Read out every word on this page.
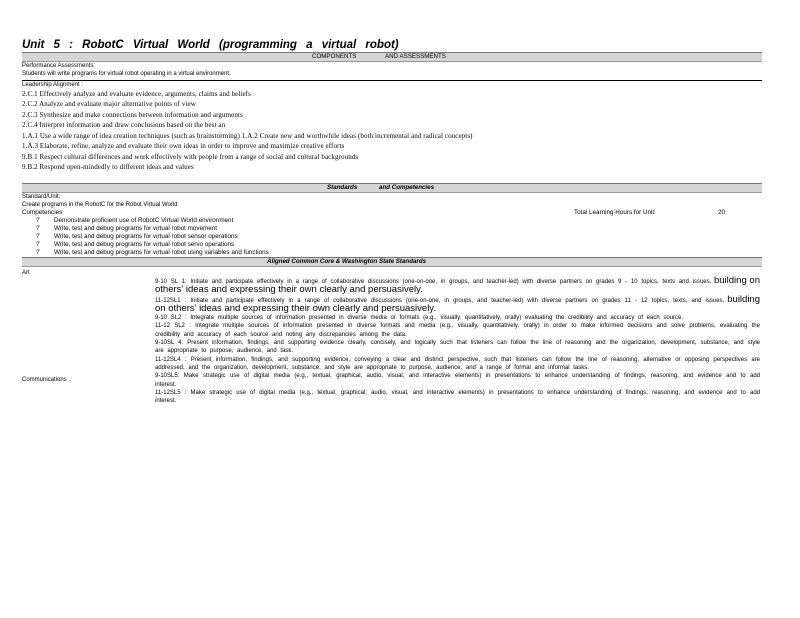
Unit 5 : RobotC Virtual World (programming a virtual robot)
COMPONENTS	AND ASSESSMENTS
Performance Assessments:
Students will write programs for virtual robot operating in a virtual environment.
Leadership Alignment :
2.C.1 Effectively analyze and evaluate evidence, arguments, claims and beliefs
2.C.2 Analyze and evaluate major alternative points of view
2.C.3 Synthesize and make connections between information and arguments
2.C.4 Interpret information and draw conclusions based on the best an
1.A.1 Use a wide range of idea creation techniques (such as brainstorming) 1.A.2 Create new and worthwhile ideas (both incremental and radical concepts)
1.A.3 Elaborate, refine, analyze and evaluate their own ideas in order to improve and maximize creative efforts
9.B.1 Respect cultural differences and work effectively with people from a range of social and cultural backgrounds
9.B.2 Respond open-mindedly to different ideas and values
Standards	and Competencies
Standard/Unit:
Create programs in the RobotC for the Robot Virtual World
Competencies	Total Learning Hours for Unit:	20
? Demonstrate proficient use of RobotC Virtual World environment
? Write, test and debug programs for virtual robot movement
? Write, test and debug programs for virtual robot sensor operations
? Write, test and debug programs for virtual robot servo operations
? Write, test and debug programs for virtual robot using variables and functions
Aligned Common Core & Washington State Standards
Art
Communications
9-10 SL 1: Initiate and participate effectively in a range of collaborative discussions (one-on-one, in groups, and teacher-led) with diverse partners on grades 9 - 10 topics, texts and issues, building on others' ideas and expressing their own clearly and persuasively.
11-12SL1 : Initiate and participate effectively in a range of collaborative discussions (one-on-one, in groups, and teacher-led) with diverse partners on grades 11 - 12 topics, texts, and issues, building on others' ideas and expressing their own clearly and persuasively.
9-10 SL2 : Integrate multiple sources of information presented in diverse media or formats (e.g., visually, quantitatively, orally) evaluating the credibility and accuracy of each source.
11-12 SL2 : Integrate multiple sources of information presented in diverse formats and media (e.g., visually, quantitatively, orally) in order to make informed decisions and solve problems, evaluating the credibility and accuracy of each source and noting any discrepancies among the data.
9-10SL 4: Present information, findings, and supporting evidence clearly, concisely, and logically such that listeners can follow the line of reasoning and the organization, development, substance, and style are appropriate to purpose, audience, and task.
11-12SL4 : Present information, findings, and supporting evidence, conveying a clear and distinct perspective, such that listeners can follow the line of reasoning, alternative or opposing perspectives are addressed, and the organization, development, substance, and style are appropriate to purpose, audience, and a range of formal and informal tasks.
9-10SL5: Make strategic use of digital media (e.g., textual, graphical, audio, visual, and interactive elements) in presentations to enhance understanding of findings, reasoning, and evidence and to add interest.
11-12SL5 : Make strategic use of digital media (e.g., textual, graphical, audio, visual, and interactive elements) in presentations to enhance understanding of findings, reasoning, and evidence and to add interest.
